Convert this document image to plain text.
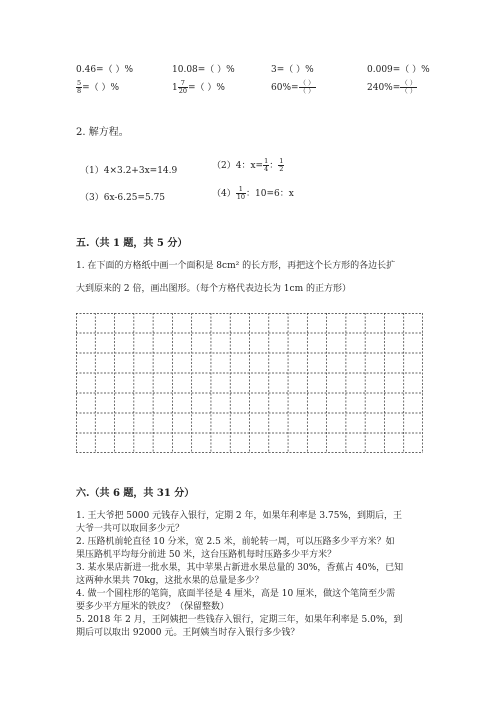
0.46=（ ）%	10.08=（ ）%	3=（ ）%	0.009=（ ）%
$\frac{5}{8}$ =（ ）%	$1 \frac{7}{20}$ =（ ）%	$60\%= \frac{( )}{( )}$	$240\%= \frac{( )}{( )}$
2. 解方程。
（1）4×3.2+3x=14.9	（2）4：$x= \frac{1}{4}$ ： $\frac{1}{2}$
（3）6x-6.25=5.75	$(4) \frac{1}{10}$ ：10=6：x
五.（共 1 题，共 5 分）
1. 在下面的方格纸中画一个面积是 8cm² 的长方形，再把这个长方形的各边长扩
大到原来的 2 倍，画出图形。（每个方格代表边长为 1cm 的正方形）
六.（共 6 题，共 31 分）
1. 王大爷把 5000 元钱存入银行，定期 2 年，如果年利率是 3.75%，到期后，王
大爷一共可以取回多少元？
2. 压路机前轮直径 10 分米，宽 2.5 米，前轮转一周，可以压路多少平方米？如
果压路机平均每分前进 50 米，这台压路机每时压路多少平方米？
3. 某水果店新进一批水果，其中苹果占新进水果总量的 30%，香蕉占 40%，已知
这两种水果共 70kg，这批水果的总量是多少？
4. 做一个圆柱形的笔筒，底面半径是 4 厘米，高是 10 厘米，做这个笔筒至少需
要多少平方厘米的铁皮？（保留整数）
5. 2018 年 2 月，王阿姨把一些钱存入银行，定期三年，如果年利率是 5.0%，到
期后可以取出 92000 元。王阿姨当时存入银行多少钱？
